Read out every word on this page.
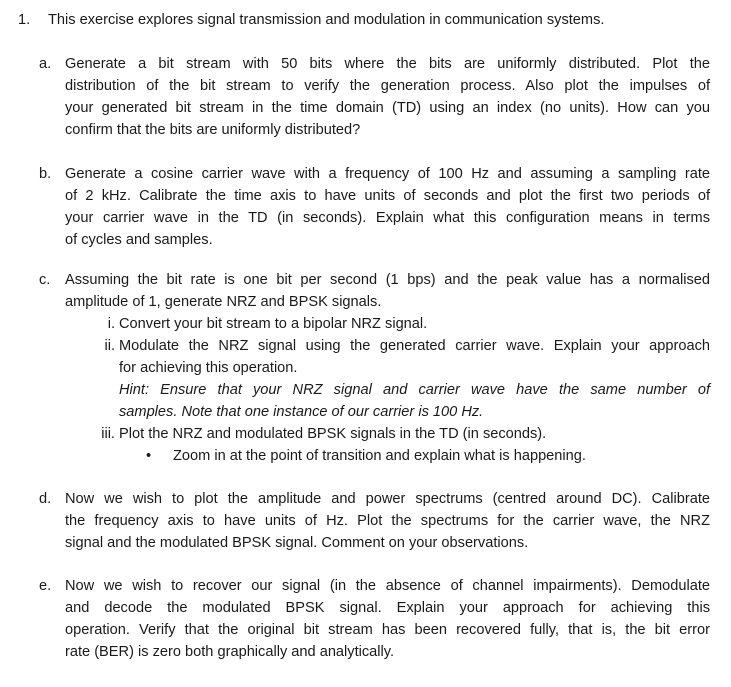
1. This exercise explores signal transmission and modulation in communication systems.
a. Generate a bit stream with 50 bits where the bits are uniformly distributed. Plot the
distribution of the bit stream to verify the generation process. Also plot the impulses of
your generated bit stream in the time domain (TD) using an index (no units). How can you
confirm that the bits are uniformly distributed?
b. Generate a cosine carrier wave with a frequency of 100 Hz and assuming a sampling rate
of 2 kHz. Calibrate the time axis to have units of seconds and plot the first two periods of
your carrier wave in the TD (in seconds). Explain what this configuration means in terms
of cycles and samples.
c. Assuming the bit rate is one bit per second (1 bps) and the peak value has a normalised
amplitude of 1, generate NRZ and BPSK signals.
i. Convert your bit stream to a bipolar NRZ signal.
ii. Modulate the NRZ signal using the generated carrier wave. Explain your approach
for achieving this operation.
Hint: Ensure that your NRZ signal and carrier wave have the same number of
samples. Note that one instance of our carrier is 100 Hz.
iii. Plot the NRZ and modulated BPSK signals in the TD (in seconds).
• Zoom in at the point of transition and explain what is happening.
d. Now we wish to plot the amplitude and power spectrums (centred around DC). Calibrate
the frequency axis to have units of Hz. Plot the spectrums for the carrier wave, the NRZ
signal and the modulated BPSK signal. Comment on your observations.
e. Now we wish to recover our signal (in the absence of channel impairments). Demodulate
and decode the modulated BPSK signal. Explain your approach for achieving this
operation. Verify that the original bit stream has been recovered fully, that is, the bit error
rate (BER) is zero both graphically and analytically.
